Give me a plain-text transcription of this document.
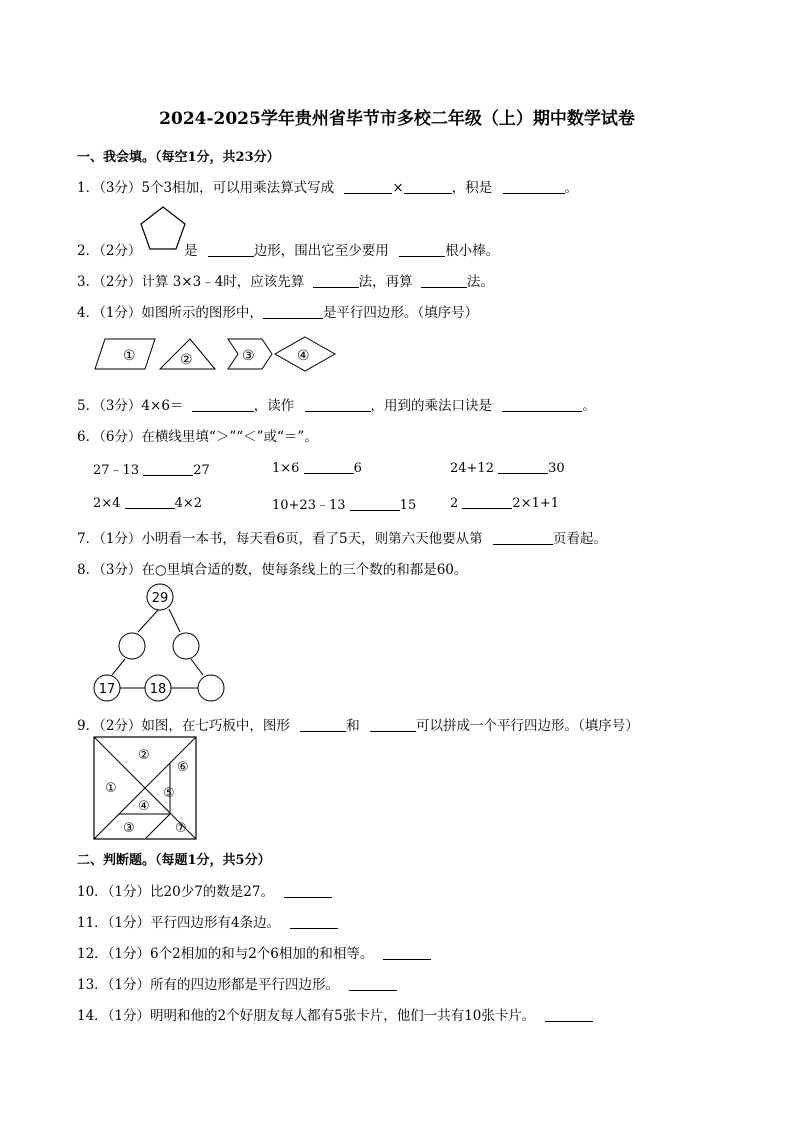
2024-2025学年贵州省毕节市多校二年级（上）期中数学试卷
一、我会填。（每空1分，共23分）
1．（3分）5个3相加，可以用乘法算式写成	×	，积是	。
2．（2分）	是	边形，围出它至少要用	根小棒。
3．（2分）计算 3×3﹣4时，应该先算	法，再算	法。
4．（1分）如图所示的图形中，	是平行四边形。（填序号）
①	②	③	④
5．（3分）4×6＝	，读作	，用到的乘法口诀是	。
6．（6分）在横线里填“＞”“＜”或“＝”。
27﹣13	27	1×6	6	24+12	30
2×4	4×2	10+23﹣13	15	2	2×1+1
7．（1分）小明看一本书，每天看6页，看了5天，则第六天他要从第	页看起。
8．（3分）在○里填合适的数，使每条线上的三个数的和都是60。
29
17	18
9．（2分）如图，在七巧板中，图形	和	可以拼成一个平行四边形。（填序号）
①
②
③
④
⑤
⑥
⑦
二、判断题。（每题1分，共5分）
10．（1分）比20少7的数是27。
11．（1分）平行四边形有4条边。
12．（1分）6个2相加的和与2个6相加的和相等。
13．（1分）所有的四边形都是平行四边形。
14．（1分）明明和他的2个好朋友每人都有5张卡片，他们一共有10张卡片。
